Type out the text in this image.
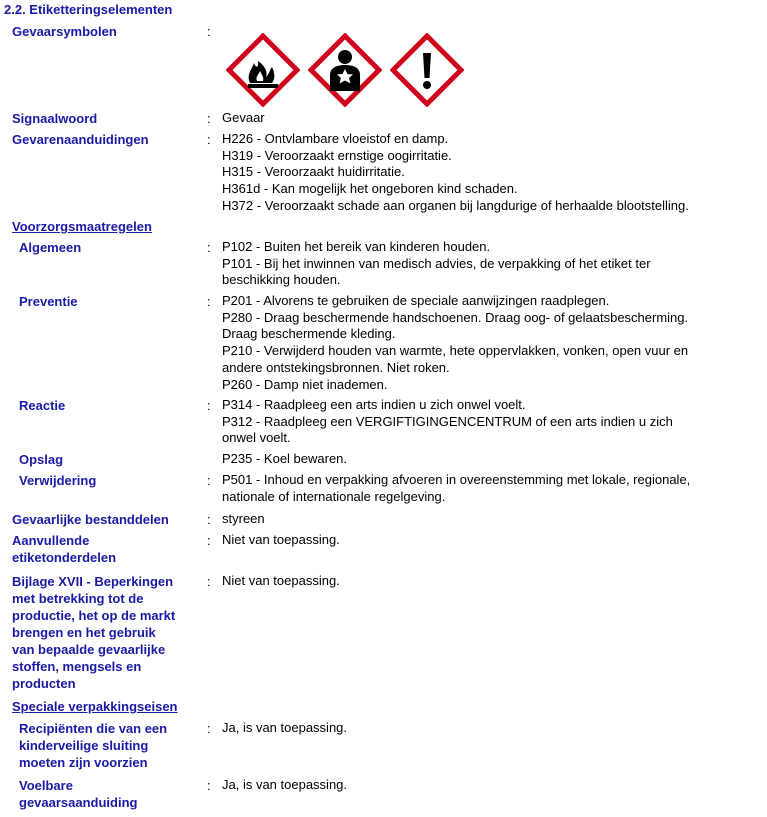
2.2. Etiketteringselementen
Gevaarsymbolen	:
Signaalwoord	: Gevaar
Gevarenaanduidingen	: H226 - Ontvlambare vloeistof en damp.
H319 - Veroorzaakt ernstige oogirritatie.
H315 - Veroorzaakt huidirritatie.
H361d - Kan mogelijk het ongeboren kind schaden.
H372 - Veroorzaakt schade aan organen bij langdurige of herhaalde blootstelling.
Voorzorgsmaatregelen
Algemeen	: P102 - Buiten het bereik van kinderen houden.
P101 - Bij het inwinnen van medisch advies, de verpakking of het etiket ter
beschikking houden.
Preventie	: P201 - Alvorens te gebruiken de speciale aanwijzingen raadplegen.
P280 - Draag beschermende handschoenen. Draag oog- of gelaatsbescherming.
Draag beschermende kleding.
P210 - Verwijderd houden van warmte, hete oppervlakken, vonken, open vuur en
andere ontstekingsbronnen. Niet roken.
P260 - Damp niet inademen.
Reactie	: P314 - Raadpleeg een arts indien u zich onwel voelt.
P312 - Raadpleeg een VERGIFTIGINGENCENTRUM of een arts indien u zich
onwel voelt.
Opslag	P235 - Koel bewaren.
Verwijdering	: P501 - Inhoud en verpakking afvoeren in overeenstemming met lokale, regionale,
nationale of internationale regelgeving.
Gevaarlijke bestanddelen	: styreen
Aanvullende
etiketonderdelen
: Niet van toepassing.
Bijlage XVII - Beperkingen
met betrekking tot de
productie, het op de markt
brengen en het gebruik
van bepaalde gevaarlijke
stoffen, mengsels en
producten
: Niet van toepassing.
Speciale verpakkingseisen
Recipiënten die van een
kinderveilige sluiting
moeten zijn voorzien
: Ja, is van toepassing.
Voelbare
gevaarsaanduiding
: Ja, is van toepassing.
